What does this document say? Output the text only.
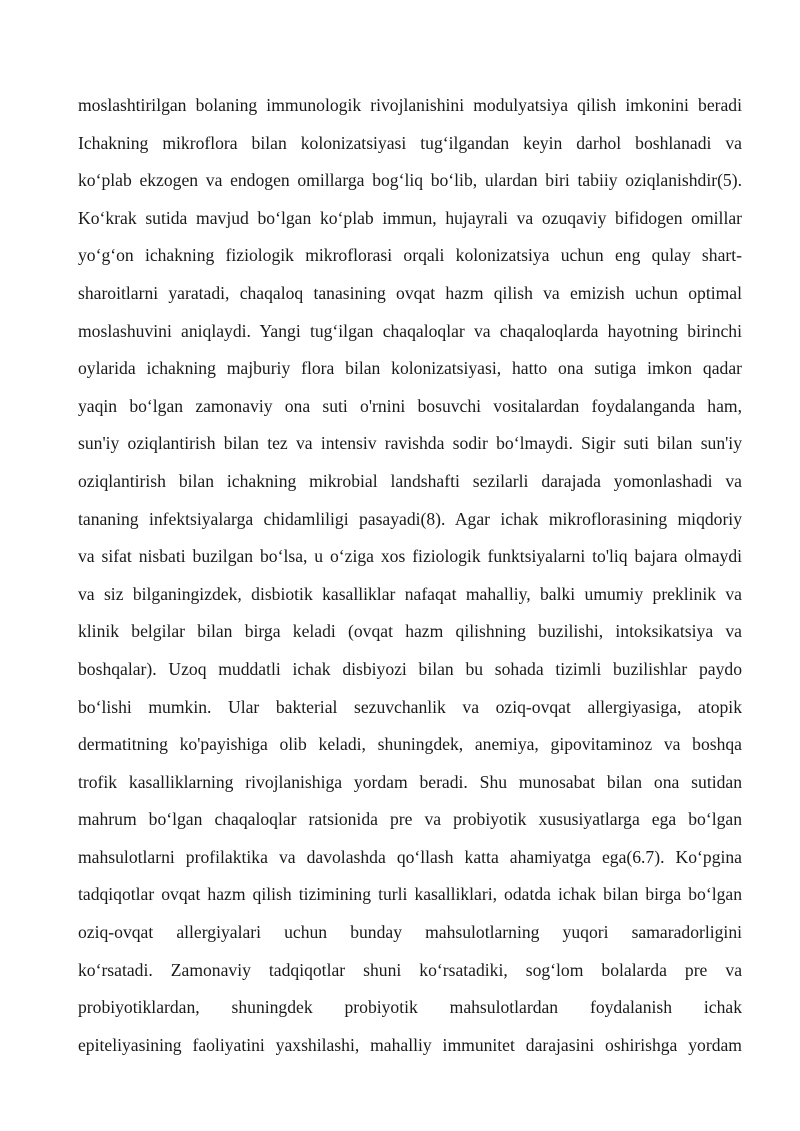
moslashtirilgan bolaning immunologik rivojlanishini modulyatsiya qilish imkonini beradi
Ichakning mikroflora bilan kolonizatsiyasi tug‘ilgandan keyin darhol boshlanadi va
ko‘plab ekzogen va endogen omillarga bog‘liq bo‘lib, ulardan biri tabiiy oziqlanishdir(5).
Ko‘krak sutida mavjud bo‘lgan ko‘plab immun, hujayrali va ozuqaviy bifidogen omillar
yo‘g‘on ichakning fiziologik mikroflorasi orqali kolonizatsiya uchun eng qulay shart-
sharoitlarni yaratadi, chaqaloq tanasining ovqat hazm qilish va emizish uchun optimal
moslashuvini aniqlaydi. Yangi tug‘ilgan chaqaloqlar va chaqaloqlarda hayotning birinchi
oylarida ichakning majburiy flora bilan kolonizatsiyasi, hatto ona sutiga imkon qadar
yaqin bo‘lgan zamonaviy ona suti o'rnini bosuvchi vositalardan foydalanganda ham,
sun'iy oziqlantirish bilan tez va intensiv ravishda sodir bo‘lmaydi. Sigir suti bilan sun'iy
oziqlantirish bilan ichakning mikrobial landshafti sezilarli darajada yomonlashadi va
tananing infektsiyalarga chidamliligi pasayadi(8). Agar ichak mikroflorasining miqdoriy
va sifat nisbati buzilgan bo‘lsa, u o‘ziga xos fiziologik funktsiyalarni to'liq bajara olmaydi
va siz bilganingizdek, disbiotik kasalliklar nafaqat mahalliy, balki umumiy preklinik va
klinik belgilar bilan birga keladi (ovqat hazm qilishning buzilishi, intoksikatsiya va
boshqalar). Uzoq muddatli ichak disbiyozi bilan bu sohada tizimli buzilishlar paydo
bo‘lishi mumkin. Ular bakterial sezuvchanlik va oziq-ovqat allergiyasiga, atopik
dermatitning ko'payishiga olib keladi, shuningdek, anemiya, gipovitaminoz va boshqa
trofik kasalliklarning rivojlanishiga yordam beradi. Shu munosabat bilan ona sutidan
mahrum bo‘lgan chaqaloqlar ratsionida pre va probiyotik xususiyatlarga ega bo‘lgan
mahsulotlarni profilaktika va davolashda qo‘llash katta ahamiyatga ega(6.7). Ko‘pgina
tadqiqotlar ovqat hazm qilish tizimining turli kasalliklari, odatda ichak bilan birga bo‘lgan
oziq-ovqat allergiyalari uchun bunday mahsulotlarning yuqori samaradorligini
ko‘rsatadi. Zamonaviy tadqiqotlar shuni ko‘rsatadiki, sog‘lom bolalarda pre va
probiyotiklardan, shuningdek probiyotik mahsulotlardan foydalanish ichak
epiteliyasining faoliyatini yaxshilashi, mahalliy immunitet darajasini oshirishga yordam
